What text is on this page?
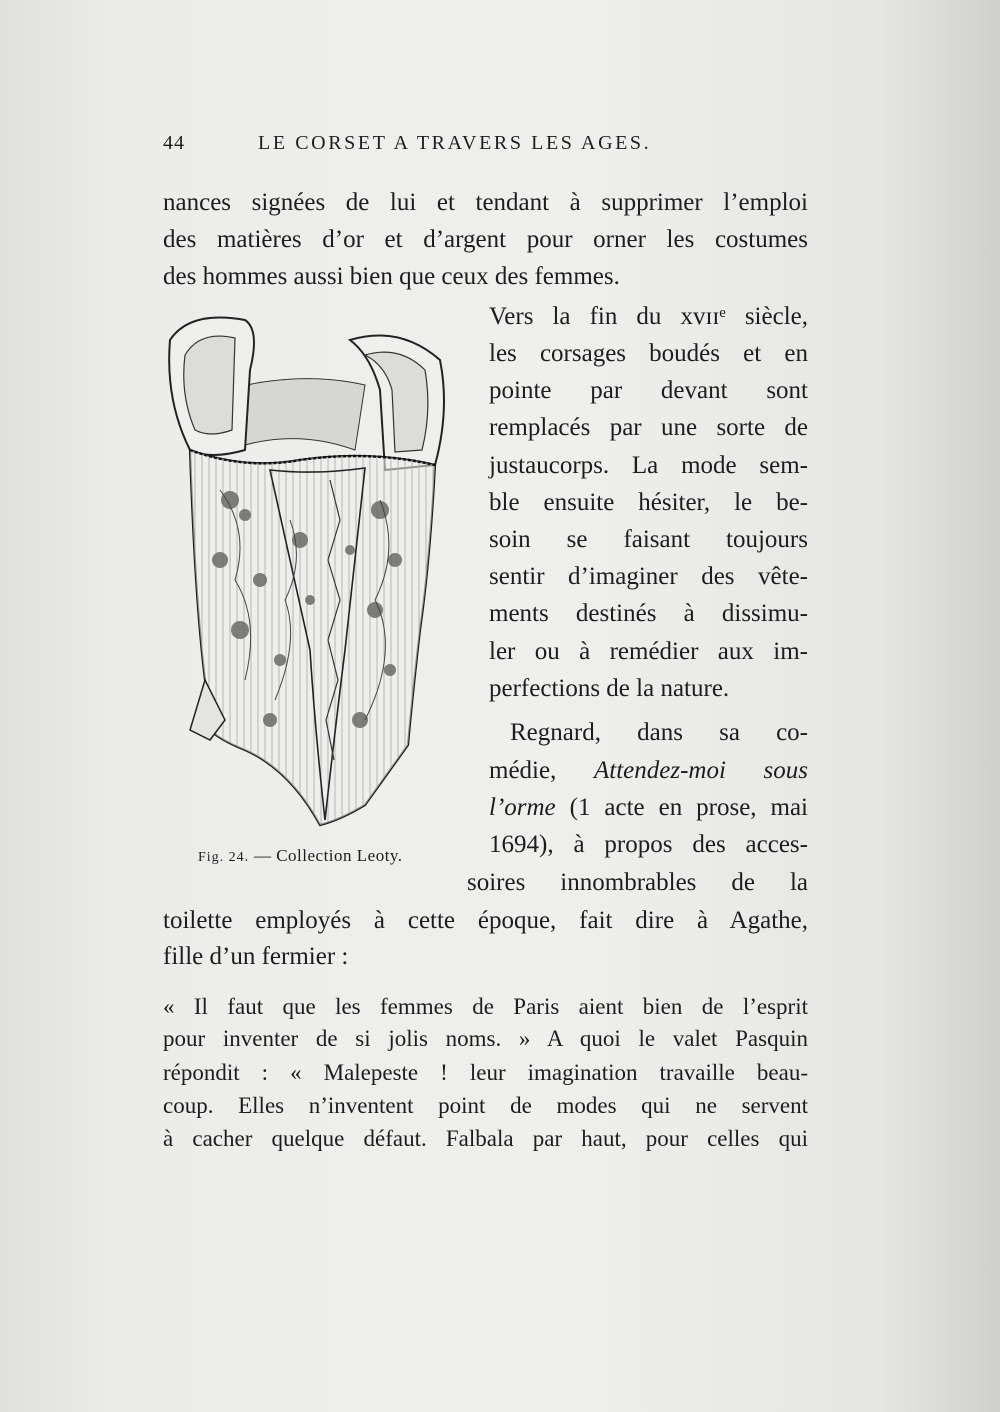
44	LE CORSET A TRAVERS LES AGES.
nances signées de lui et tendant à supprimer l’emploi
des matières d’or et d’argent pour orner les costumes
des hommes aussi bien que ceux des femmes.
Vers la fin du xvɪɪᵉ siècle,
les corsages boudés et en
pointe par devant sont
remplacés par une sorte de
justaucorps. La mode sem-
ble ensuite hésiter, le be-
soin se faisant toujours
sentir d’imaginer des vête-
ments destinés à dissimu-
ler ou à remédier aux im-
perfections de la nature.
Regnard, dans sa co-
médie, Attendez-moi sous
l’orme (1 acte en prose, mai
1694), à propos des acces-
soires innombrables de la
toilette employés à cette époque, fait dire à Agathe,
fille d’un fermier :
« Il faut que les femmes de Paris aient bien de l’esprit
pour inventer de si jolis noms. » A quoi le valet Pasquin
répondit : « Malepeste ! leur imagination travaille beau-
coup. Elles n’inventent point de modes qui ne servent
à cacher quelque défaut. Falbala par haut, pour celles qui
Fig. 24. — Collection Leoty.
